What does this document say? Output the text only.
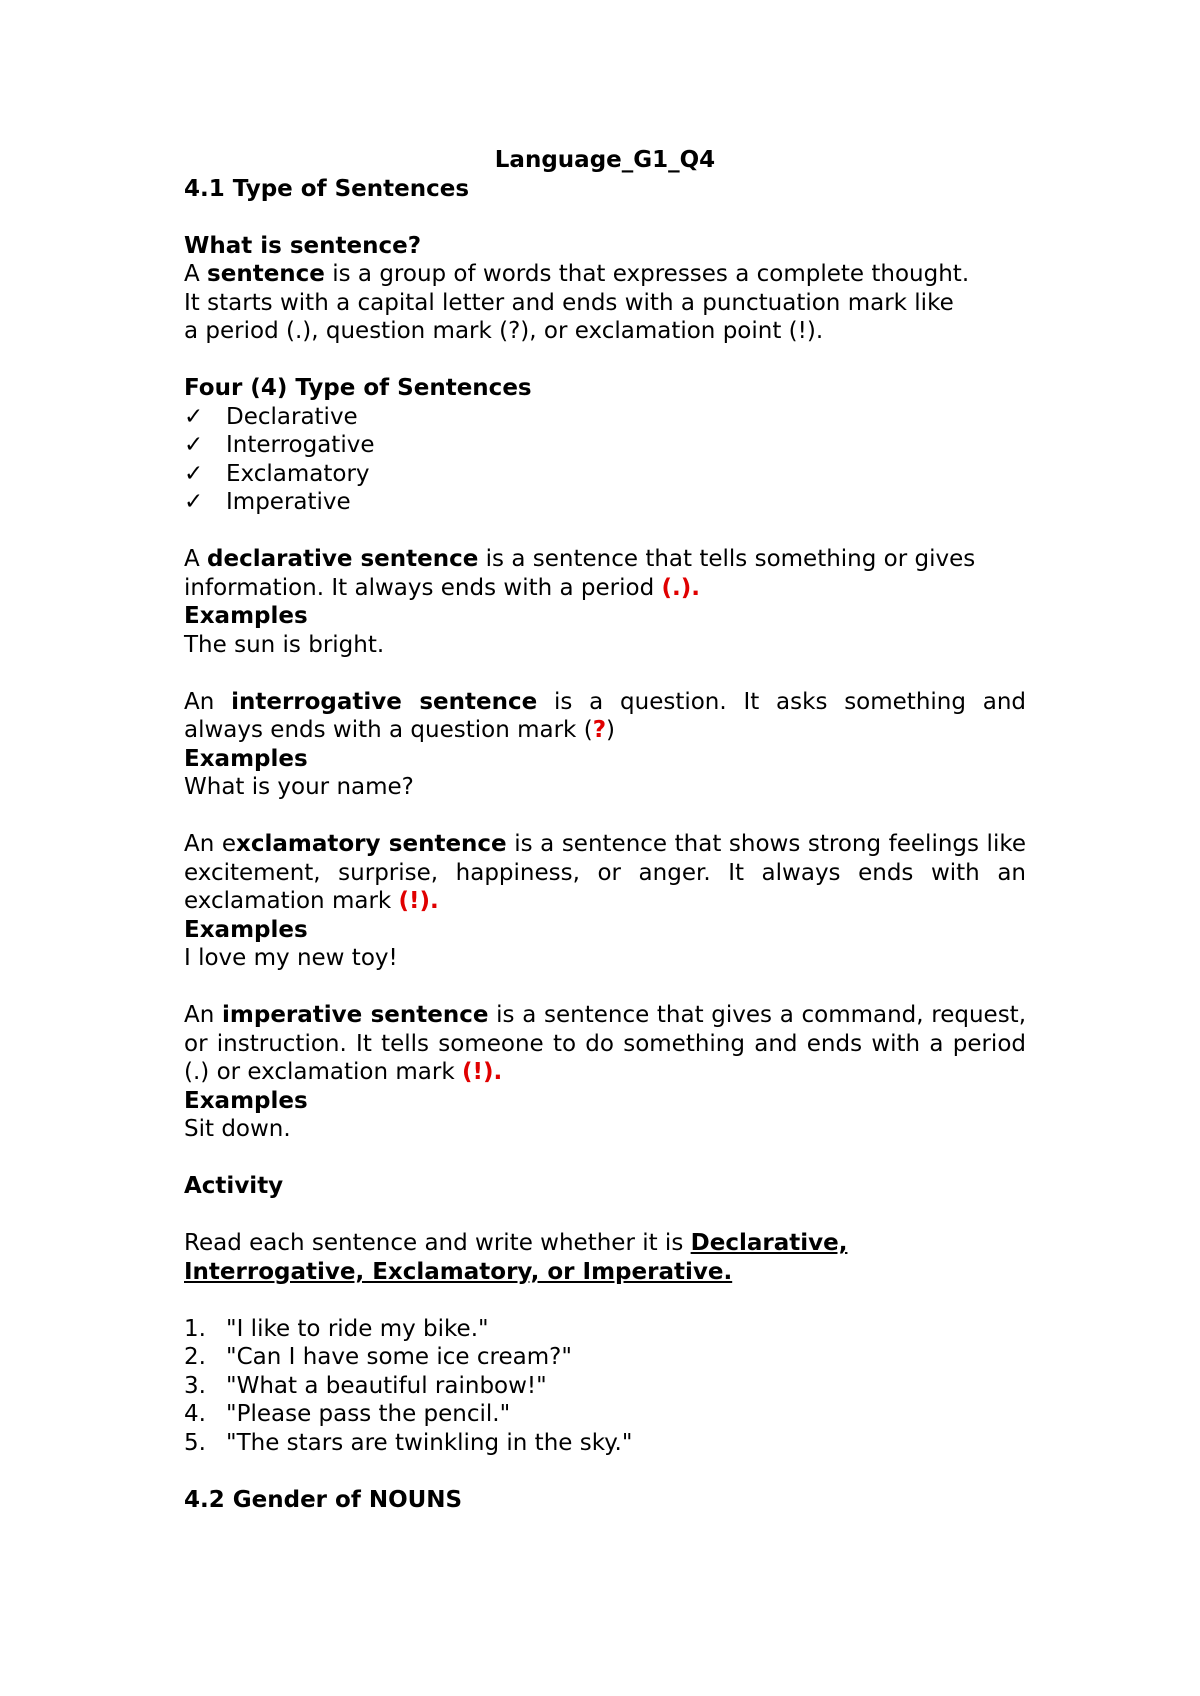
Language_G1_Q4
4.1 Type of Sentences
What is sentence?
A sentence is a group of words that expresses a complete thought.
It starts with a capital letter and ends with a punctuation mark like
a period (.), question mark (?), or exclamation point (!).
Four (4) Type of Sentences
✓ Declarative
✓ Interrogative
✓ Exclamatory
✓ Imperative
A declarative sentence is a sentence that tells something or gives information. It always ends with a period (.).
Examples
The sun is bright.
An interrogative sentence is a question. It asks something and always ends with a question mark (?)
Examples
What is your name?
An exclamatory sentence is a sentence that shows strong feelings like excitement, surprise, happiness, or anger. It always ends with an exclamation mark (!).
Examples
I love my new toy!
An imperative sentence is a sentence that gives a command, request, or instruction. It tells someone to do something and ends with a period (.) or exclamation mark (!).
Examples
Sit down.
Activity
Read each sentence and write whether it is Declarative,
Interrogative, Exclamatory, or Imperative.
1. "I like to ride my bike."
2. "Can I have some ice cream?"
3. "What a beautiful rainbow!"
4. "Please pass the pencil."
5. "The stars are twinkling in the sky."
4.2 Gender of NOUNS
